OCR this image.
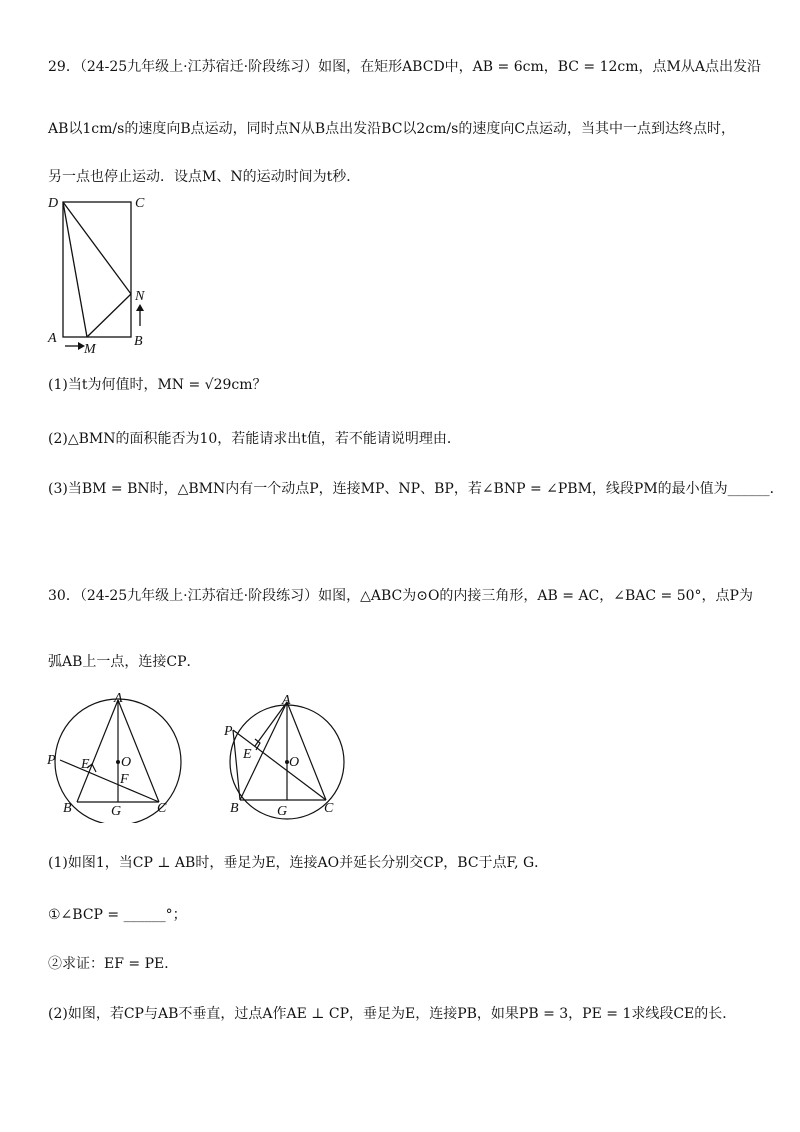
29．（24-25九年级上·江苏宿迁·阶段练习）如图，在矩形ABCD中，AB = 6cm，BC = 12cm，点M从A点出发沿
AB以1cm/s的速度向B点运动，同时点N从B点出发沿BC以2cm/s的速度向C点运动，当其中一点到达终点时，
另一点也停止运动．设点M、N的运动时间为t秒．
D	C
N
A
M
B
(1)当t为何值时，MN = √29cm？
(2)△BMN的面积能否为10，若能请求出t值，若不能请说明理由．
(3)当BM = BN时，△BMN内有一个动点P，连接MP、NP、BP，若∠BNP = ∠PBM，线段PM的最小值为______．
30．（24-25九年级上·江苏宿迁·阶段练习）如图，△ABC为⊙O的内接三角形，AB = AC，∠BAC = 50°，点P为
弧AB上一点，连接CP．
A
P E O
F
B	G	C
A
P
E
O
B	G	C
(1)如图1，当CP ⊥ AB时，垂足为E，连接AO并延长分别交CP，BC于点F, G．
①∠BCP = ______°；
②求证：EF = PE．
(2)如图，若CP与AB不垂直，过点A作AE ⊥ CP，垂足为E，连接PB，如果PB = 3，PE = 1求线段CE的长．
